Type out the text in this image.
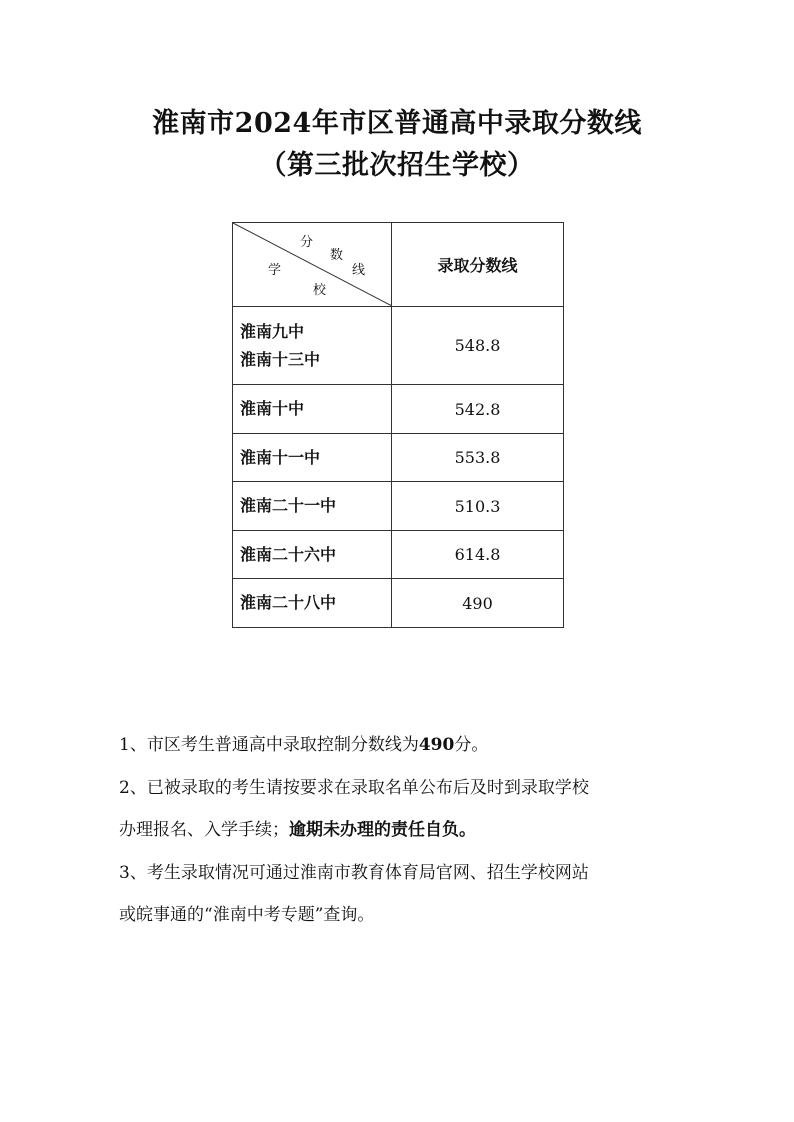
淮南市2024年市区普通高中录取分数线
（第三批次招生学校）
分
数
线
学
校	录取分数线

淮南九中
淮南十三中	548.8
淮南十中	542.8
淮南十一中	553.8
淮南二十一中	510.3
淮南二十六中	614.8
淮南二十八中	490
1、市区考生普通高中录取控制分数线为490分。
2、已被录取的考生请按要求在录取名单公布后及时到录取学校
办理报名、入学手续；逾期未办理的责任自负。
3、考生录取情况可通过淮南市教育体育局官网、招生学校网站
或皖事通的“淮南中考专题”查询。
